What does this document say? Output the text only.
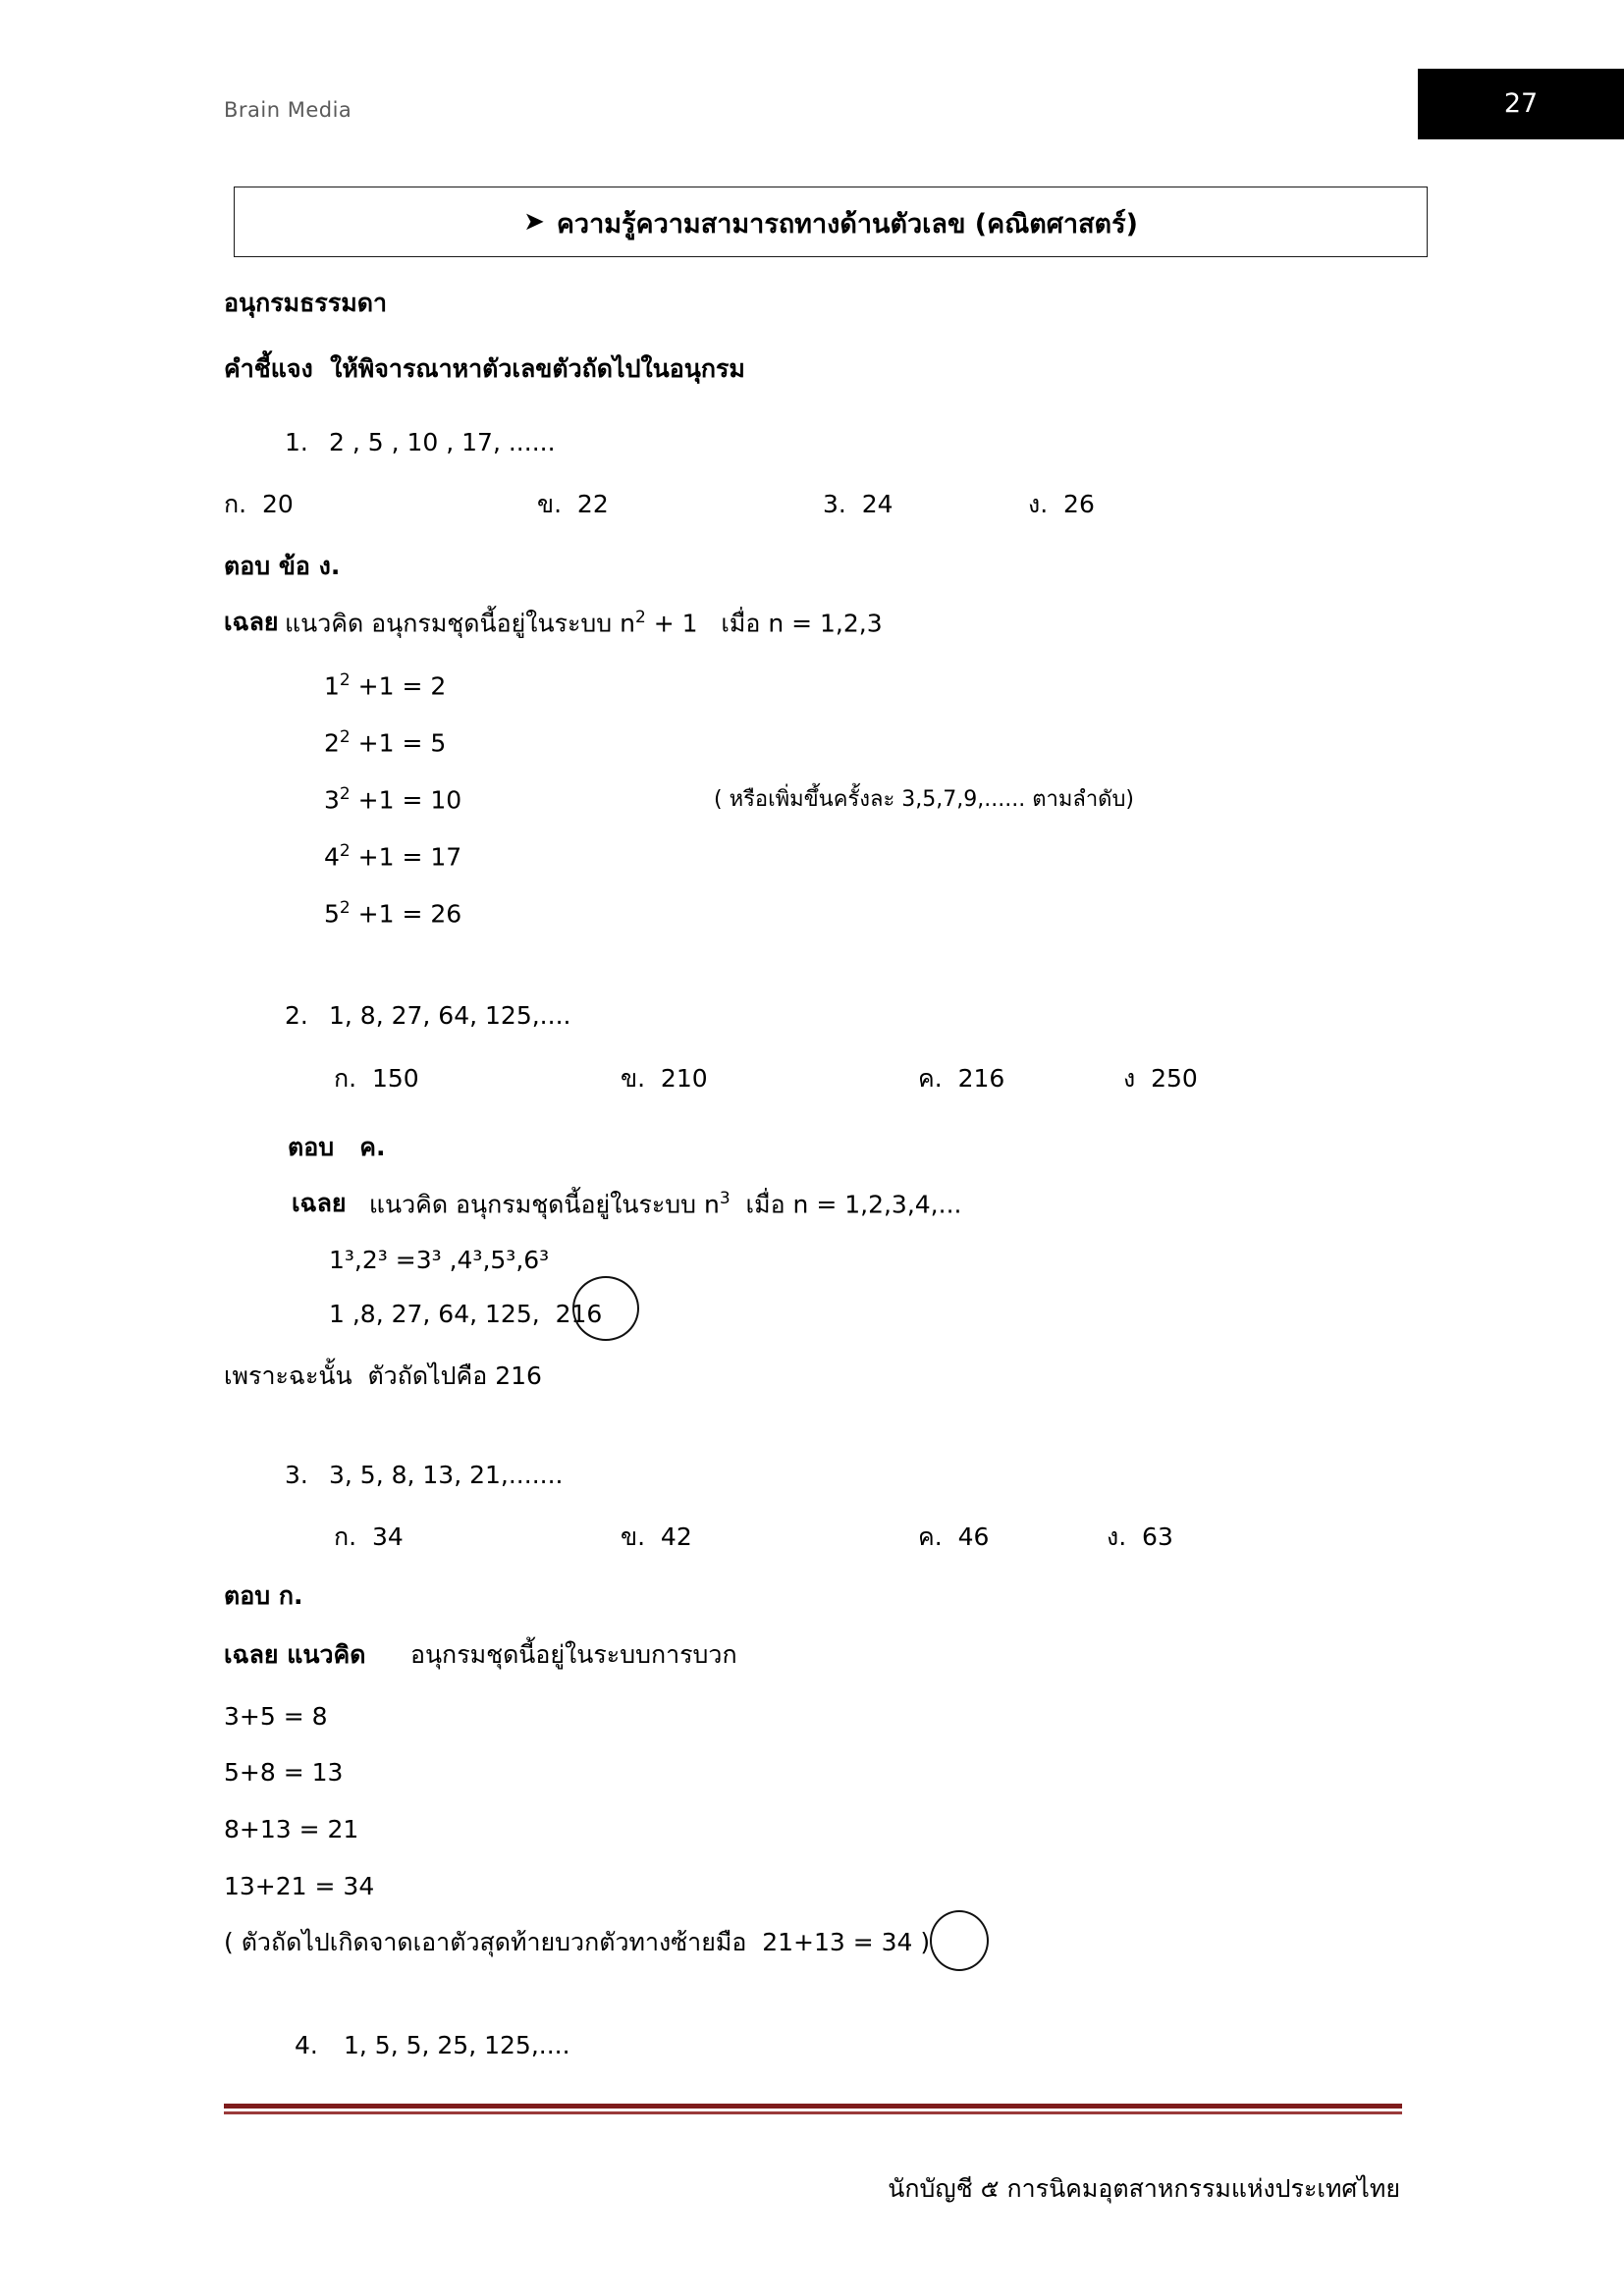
Brain Media	27
➤ ความรู้ความสามารถทางด้านตัวเลข (คณิตศาสตร์)
อนุกรมธรรมดา
คำชี้แจง  ให้พิจารณาหาตัวเลขตัวถัดไปในอนุกรม
1. 2 , 5 , 10 , 17, ......
ก.  20	ข.  22	3.  24	ง.  26
ตอบ ข้อ ง.
เฉลย แนวคิด อนุกรมชุดนี้อยู่ในระบบ $n^2 + 1$   เมื่อ n = 1,2,3
$1^2 +1 = 2$
$2^2 +1 = 5$
$3^2 +1 = 10$
$4^2 +1 = 17$
$5^2 +1 = 26$
( หรือเพิ่มขึ้นครั้งละ 3,5,7,9,...... ตามลำดับ)
2. 1, 8, 27, 64, 125,....
ก.  150	ข.  210	ค.  216	ง  250
ตอบ   ค.
เฉลย แนวคิด อนุกรมชุดนี้อยู่ในระบบ $n^3$  เมื่อ n = 1,2,3,4,...
1³,2³ =3³ ,4³,5³,6³
1 ,8, 27, 64, 125,  216
เพราะฉะนั้น  ตัวถัดไปคือ 216
3. 3, 5, 8, 13, 21,.......
ก.  34	ข.  42	ค.  46	ง.  63
ตอบ ก.
เฉลย แนวคิด อนุกรมชุดนี้อยู่ในระบบการบวก
3+5 = 8
5+8 = 13
8+13 = 21
13+21 = 34
( ตัวถัดไปเกิดจาดเอาตัวสุดท้ายบวกตัวทางซ้ายมือ  21+13 = 34 )
4. 1, 5, 5, 25, 125,....
นักบัญชี ๕ การนิคมอุตสาหกรรมแห่งประเทศไทย
